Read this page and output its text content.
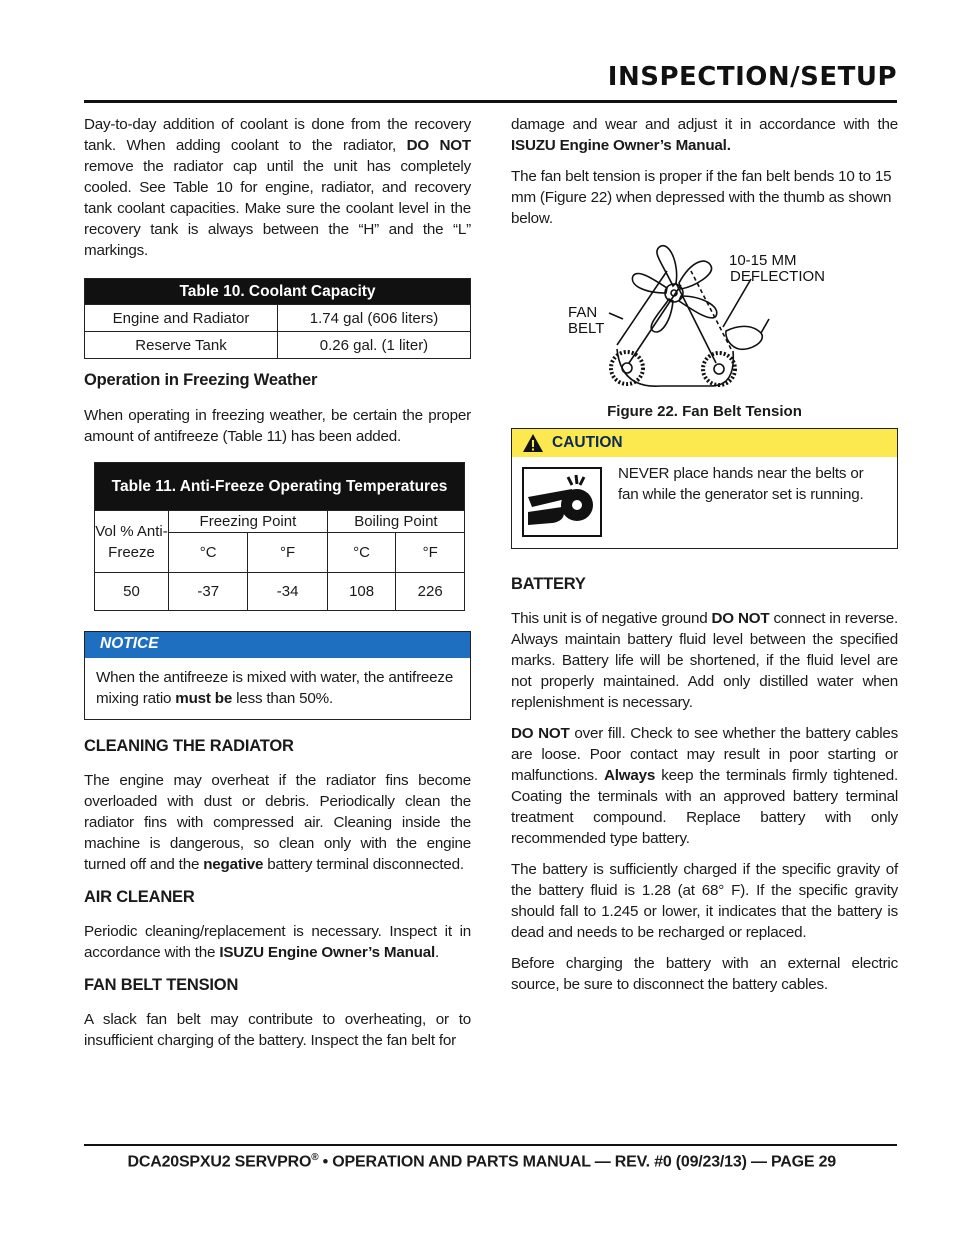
INSPECTION/SETUP

Day-to-day addition of coolant is done from the recovery tank. When adding coolant to the radiator, DO NOT remove the radiator cap until the unit has completely cooled. See Table 10 for engine, radiator, and recovery tank coolant capacities. Make sure the coolant level in the recovery tank is always between the “H” and the “L” markings.

Table 10. Coolant Capacity	
Engine and Radiator	1.74 gal (606 liters)
Reserve Tank	0.26 gal. (1 liter)
Operation in Freezing Weather

When operating in freezing weather, be certain the proper amount of antifreeze (Table 11) has been added.

Table 11. Anti-Freeze Operating Temperatures				
Vol % Anti- Freeze	Freezing Point		Boiling Point	
	°C	°F	°C	°F
50	-37	-34	108	226
NOTICE

When the antifreeze is mixed with water, the antifreeze mixing ratio must be less than 50%.

CLEANING THE RADIATOR

The engine may overheat if the radiator fins become overloaded with dust or debris. Periodically clean the radiator fins with compressed air. Cleaning inside the machine is dangerous, so clean only with the engine turned off and the negative battery terminal disconnected.

AIR CLEANER

Periodic cleaning/replacement is necessary. Inspect it in accordance with the ISUZU Engine Owner’s Manual.

FAN BELT TENSION

A slack fan belt may contribute to overheating, or to insufficient charging of the battery. Inspect the fan belt for

damage and wear and adjust it in accordance with the ISUZU Engine Owner’s Manual.

The fan belt tension is proper if the fan belt bends 10 to 15 mm (Figure 22) when depressed with the thumb as shown below.

10-15 MM
DEFLECTION
FAN
BELT
Figure 22. Fan Belt Tension
CAUTION

NEVER place hands near the belts or fan while the generator set is running.

BATTERY

This unit is of negative ground DO NOT connect in reverse. Always maintain battery fluid level between the specified marks. Battery life will be shortened, if the fluid level are not properly maintained. Add only distilled water when replenishment is necessary.

DO NOT over fill. Check to see whether the battery cables are loose. Poor contact may result in poor starting or malfunctions. Always keep the terminals firmly tightened. Coating the terminals with an approved battery terminal treatment compound. Replace battery with only recommended type battery.

The battery is sufficiently charged if the specific gravity of the battery fluid is 1.28 (at 68° F). If the specific gravity should fall to 1.245 or lower, it indicates that the battery is dead and needs to be recharged or replaced.

Before charging the battery with an external electric source, be sure to disconnect the battery cables.

DCA20SPXU2 SERVPRO® • OPERATION AND PARTS MANUAL — REV. #0 (09/23/13) — PAGE 29
